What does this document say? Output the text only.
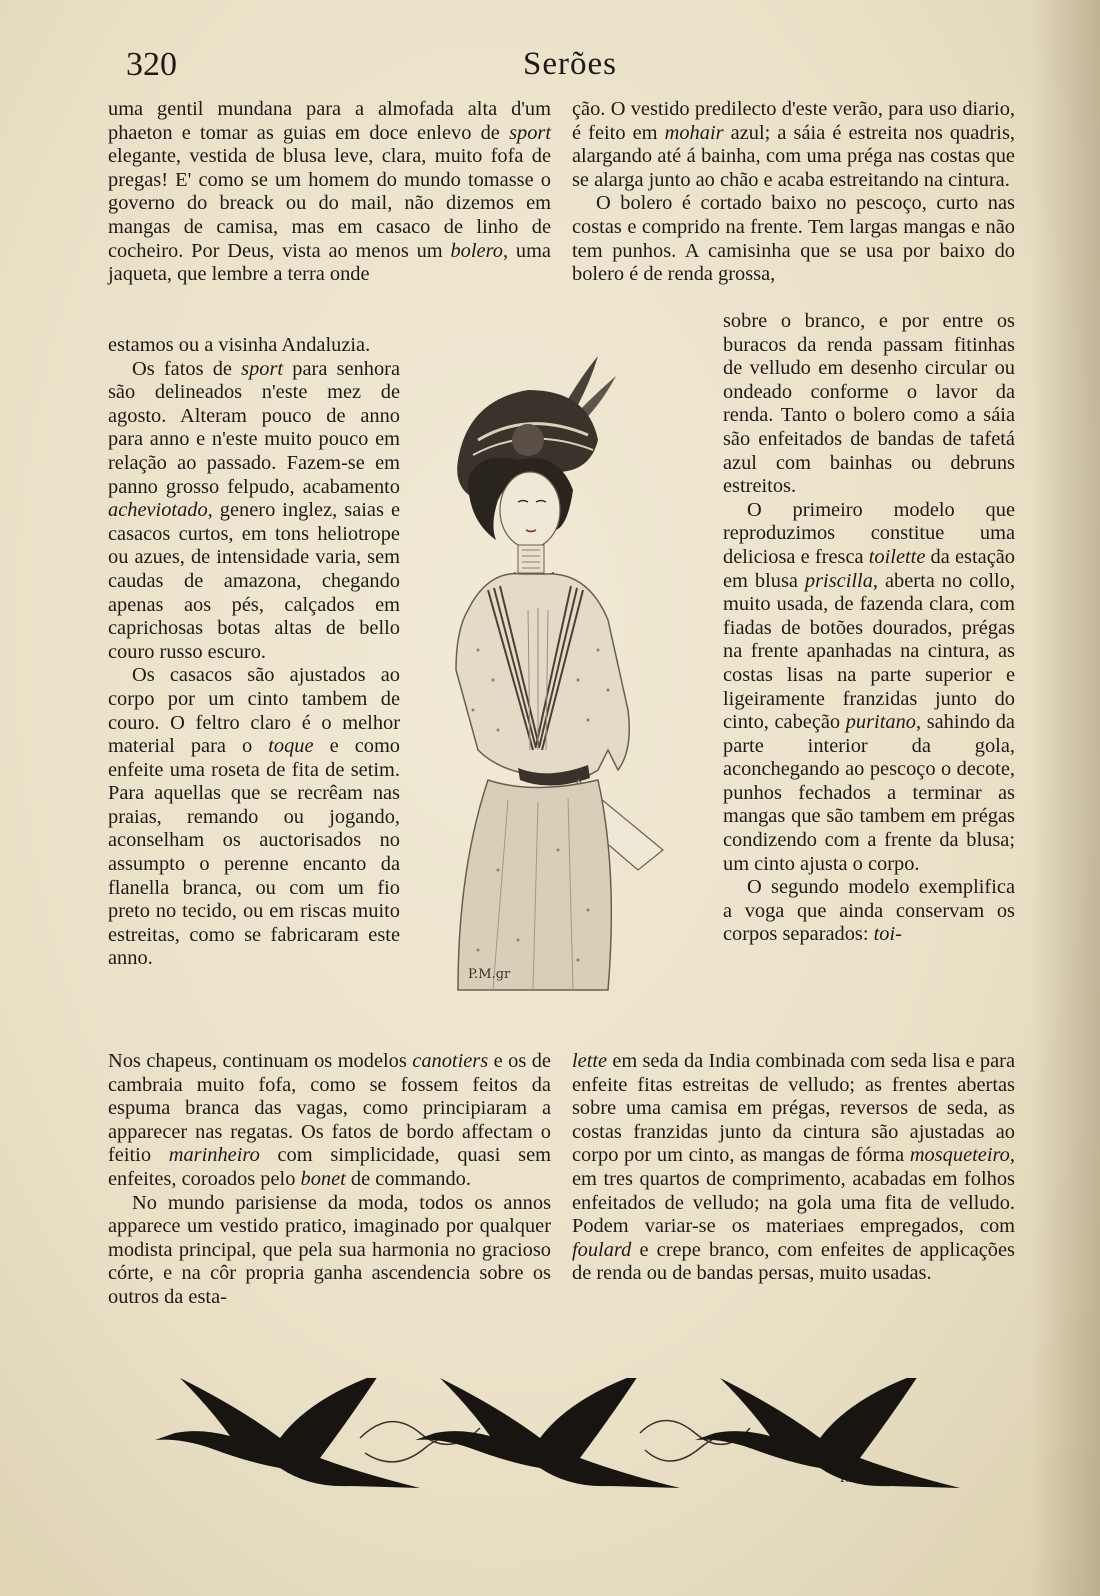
320	Serões

uma gentil mundana para a almofada alta d'um phaeton e tomar as guias em doce enlevo de sport elegante, vestida de blusa leve, clara, muito fofa de pregas! E' como se um homem do mundo tomasse o governo do breack ou do mail, não dizemos em mangas de camisa, mas em casaco de linho de cocheiro. Por Deus, vista ao menos um bolero, uma jaqueta, que lembre a terra onde

estamos ou a visinha Andaluzia.

Os fatos de sport para senhora são delineados n'este mez de agosto. Alteram pouco de anno para anno e n'este muito pouco em relação ao passado. Fazem-se em panno grosso felpudo, acabamento acheviotado, genero inglez, saias e casacos curtos, em tons heliotrope ou azues, de intensidade varia, sem caudas de amazona, chegando apenas aos pés, calçados em caprichosas botas altas de bello couro russo escuro.

Os casacos são ajustados ao corpo por um cinto tambem de couro. O feltro claro é o melhor material para o toque e como enfeite uma roseta de fita de setim. Para aquellas que se recrêam nas praias, remando ou jogando, aconselham os auctorisados no assumpto o perenne encanto da flanella branca, ou com um fio preto no tecido, ou em riscas muito estreitas, como se fabricaram este anno.

Nos chapeus, continuam os modelos canotiers e os de cambraia muito fofa, como se fossem feitos da espuma branca das vagas, como principiaram a apparecer nas regatas. Os fatos de bordo affectam o feitio marinheiro com simplicidade, quasi sem enfeites, coroados pelo bonet de commando.

No mundo parisiense da moda, todos os annos apparece um vestido pratico, imaginado por qualquer modista principal, que pela sua harmonia no gracioso córte, e na côr propria ganha ascendencia sobre os outros da esta-

ção. O vestido predilecto d'este verão, para uso diario, é feito em mohair azul; a sáia é estreita nos quadris, alargando até á bainha, com uma préga nas costas que se alarga junto ao chão e acaba estreitando na cintura.

O bolero é cortado baixo no pescoço, curto nas costas e comprido na frente. Tem largas mangas e não tem punhos. A camisinha que se usa por baixo do bolero é de renda grossa,

sobre o branco, e por entre os buracos da renda passam fitinhas de velludo em desenho circular ou ondeado conforme o lavor da renda. Tanto o bolero como a sáia são enfeitados de bandas de tafetá azul com bainhas ou debruns estreitos.

O primeiro modelo que reproduzimos constitue uma deliciosa e fresca toilette da estação em blusa priscilla, aberta no collo, muito usada, de fazenda clara, com fiadas de botões dourados, prégas na frente apanhadas na cintura, as costas lisas na parte superior e ligeiramente franzidas junto do cinto, cabeção puritano, sahindo da parte interior da gola, aconchegando ao pescoço o decote, punhos fechados a terminar as mangas que são tambem em prégas condizendo com a frente da blusa; um cinto ajusta o corpo.

O segundo modelo exemplifica a voga que ainda conservam os corpos separados: toi-

lette em seda da India combinada com seda lisa e para enfeite fitas estreitas de velludo; as frentes abertas sobre uma camisa em prégas, reversos de seda, as costas franzidas junto da cintura são ajustadas ao corpo por um cinto, as mangas de fórma mosqueteiro, em tres quartos de comprimento, acabadas em folhos enfeitados de velludo; na gola uma fita de velludo. Podem variar-se os materiaes empregados, com foulard e crepe branco, com enfeites de applicações de renda ou de bandas persas, muito usadas.

P.M.gr
P.M.gr
